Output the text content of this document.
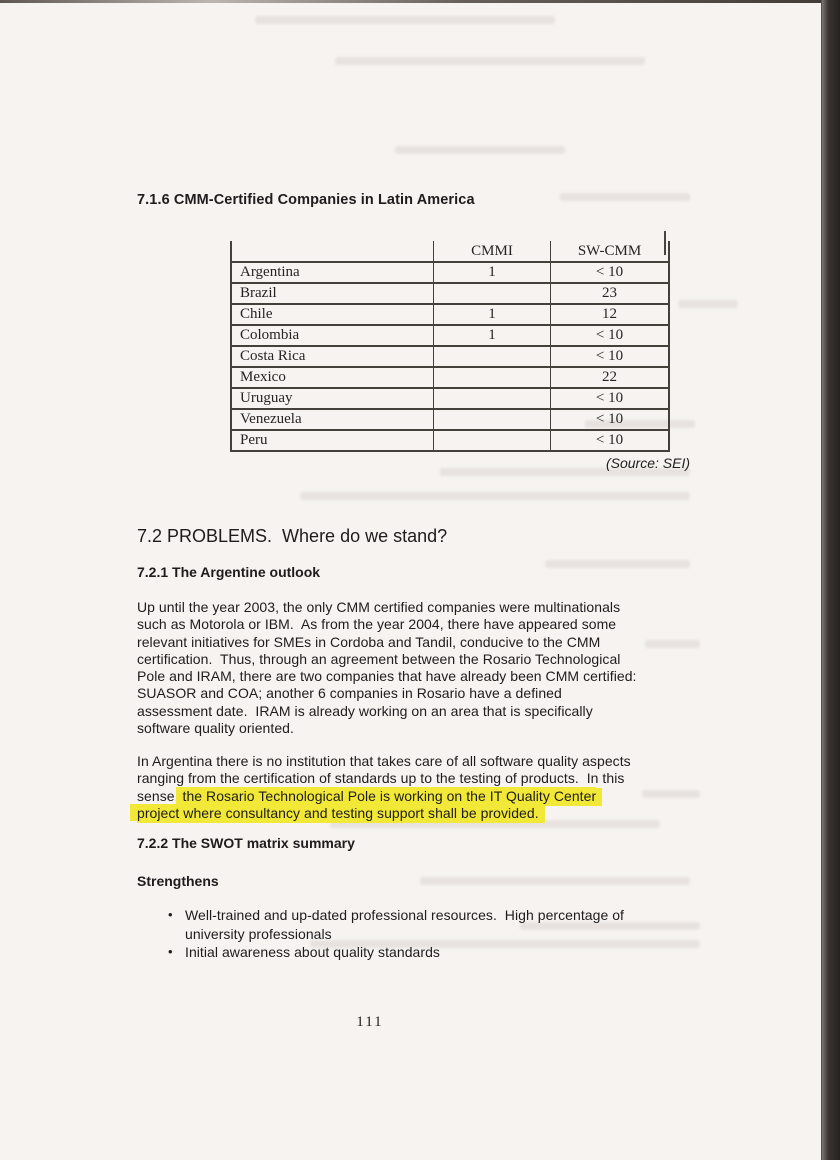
7.1.6 CMM-Certified Companies in Latin America
	CMMI	SW-CMM
Argentina	1	< 10
Brazil		23
Chile	1	12
Colombia	1	< 10
Costa Rica		< 10
Mexico		22
Uruguay		< 10
Venezuela		< 10
Peru		< 10
(Source: SEI)
7.2 PROBLEMS.  Where do we stand?
7.2.1 The Argentine outlook
Up until the year 2003, the only CMM certified companies were multinationals
such as Motorola or IBM.  As from the year 2004, there have appeared some
relevant initiatives for SMEs in Cordoba and Tandil, conducive to the CMM
certification.  Thus, through an agreement between the Rosario Technological
Pole and IRAM, there are two companies that have already been CMM certified:
SUASOR and COA; another 6 companies in Rosario have a defined
assessment date.  IRAM is already working on an area that is specifically
software quality oriented.
In Argentina there is no institution that takes care of all software quality aspects
ranging from the certification of standards up to the testing of products.  In this
sense, the Rosario Technological Pole is working on the IT Quality Center
project where consultancy and testing support shall be provided.
7.2.2 The SWOT matrix summary
Strengthens
• Well-trained and up-dated professional resources.  High percentage of
university professionals
• Initial awareness about quality standards
111
